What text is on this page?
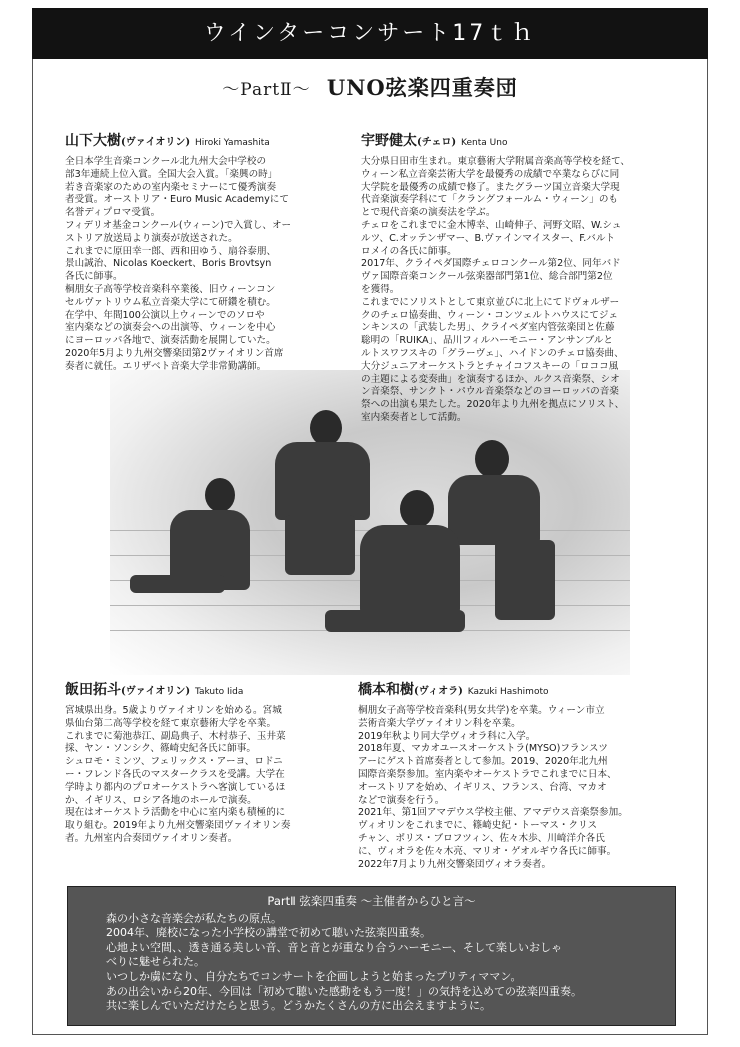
ウインターコンサート17ｔｈ
〜PartⅡ〜 UNO弦楽四重奏団
山下大樹(ヴァイオリン) Hiroki Yamashita

全日本学生音楽コンクール北九州大会中学校の

部3年連続上位入賞。全国大会入賞。「楽興の時」

若き音楽家のための室内楽セミナーにて優秀演奏

者受賞。オーストリア・Euro Music Academyにて

名誉ディプロマ受賞。

フィデリオ基金コンクール(ウィーン)で入賞し、オー

ストリア放送局より演奏が放送された。

これまでに原田幸一郎、西和田ゆう、扇谷泰朋、

景山誠治、Nicolas Koeckert、Boris Brovtsyn

各氏に師事。

桐朋女子高等学校音楽科卒業後、旧ウィーンコン

セルヴァトリウム私立音楽大学にて研鑽を積む。

在学中、年間100公演以上ウィーンでのソロや

室内楽などの演奏会への出演等、ウィーンを中心

にヨーロッパ各地で、演奏活動を展開していた。

2020年5月より九州交響楽団第2ヴァイオリン首席

奏者に就任。エリザベト音楽大学非常勤講師。

宇野健太(チェロ) Kenta Uno

大分県日田市生まれ。東京藝術大学附属音楽高等学校を経て、

ウィーン私立音楽芸術大学を最優秀の成績で卒業ならびに同

大学院を最優秀の成績で修了。またグラーツ国立音楽大学現

代音楽演奏学科にて「クラングフォールム・ウィーン」のも

とで現代音楽の演奏法を学ぶ。

チェロをこれまでに金木博幸、山崎伸子、河野文昭、W.シュ

ルツ、C.オッテンザマー、B.ヴァインマイスター、F.バルト

ロメイの各氏に師事。

2017年、クライペダ国際チェロコンクール第2位、同年バド

ヴァ国際音楽コンクール弦楽器部門第1位、総合部門第2位

を獲得。

これまでにソリストとして東京並びに北上にてドヴォルザー

クのチェロ協奏曲、ウィーン・コンツェルトハウスにてジェ

ンキンスの「武装した男」、クライペダ室内管弦楽団と佐藤

聡明の「RUIKA」、品川フィルハーモニー・アンサンブルと

ルトスワフスキの「グラーヴェ」、ハイドンのチェロ協奏曲、

大分ジュニアオーケストラとチャイコフスキーの「ロココ風

の主題による変奏曲」を演奏するほか、ルクス音楽祭、シオ

ン音楽祭、サンクト・パウル音楽祭などのヨーロッパの音楽

祭への出演も果たした。2020年より九州を拠点にソリスト、

室内楽奏者として活動。

飯田拓斗(ヴァイオリン) Takuto Iida

宮城県出身。5歳よりヴァイオリンを始める。宮城

県仙台第二高等学校を経て東京藝術大学を卒業。

これまでに菊池恭江、副島典子、木村恭子、玉井菜

採、ヤン・ソンシク、篠崎史紀各氏に師事。

シュロモ・ミンツ、フェリックス・アーヨ、ロドニ

ー・フレンド各氏のマスタークラスを受講。大学在

学時より都内のプロオーケストラへ客演しているほ

か、イギリス、ロシア各地のホールで演奏。

現在はオーケストラ活動を中心に室内楽も積極的に

取り組む。2019年より九州交響楽団ヴァイオリン奏

者。九州室内合奏団ヴァイオリン奏者。

橋本和樹(ヴィオラ) Kazuki Hashimoto

桐朋女子高等学校音楽科(男女共学)を卒業。ウィーン市立

芸術音楽大学ヴァイオリン科を卒業。

2019年秋より同大学ヴィオラ科に入学。

2018年夏、マカオユースオーケストラ(MYSO)フランスツ

アーにゲスト首席奏者として参加。2019、2020年北九州

国際音楽祭参加。室内楽やオーケストラでこれまでに日本、

オーストリアを始め、イギリス、フランス、台湾、マカオ

などで演奏を行う。

2021年、第1回アマデウス学校主催、アマデウス音楽祭参加。

ヴィオリンをこれまでに、篠崎史紀・トーマス・クリス

チャン、ボリス・ブロフツィン、佐々木歩、川崎洋介各氏

に、ヴィオラを佐々木亮、マリオ・ゲオルギウ各氏に師事。

2022年7月より九州交響楽団ヴィオラ奏者。

PartⅡ 弦楽四重奏 〜主催者からひと言〜

森の小さな音楽会が私たちの原点。

2004年、廃校になった小学校の講堂で初めて聴いた弦楽四重奏。

心地よい空間、、透き通る美しい音、音と音とが重なり合うハーモニー、そして楽しいおしゃ

べりに魅せられた。

いつしか虜になり、自分たちでコンサートを企画しようと始まったプリティママン。

あの出会いから20年、今回は「初めて聴いた感動をもう一度！」の気持を込めての弦楽四重奏。

共に楽しんでいただけたらと思う。どうかたくさんの方に出会えますように。
